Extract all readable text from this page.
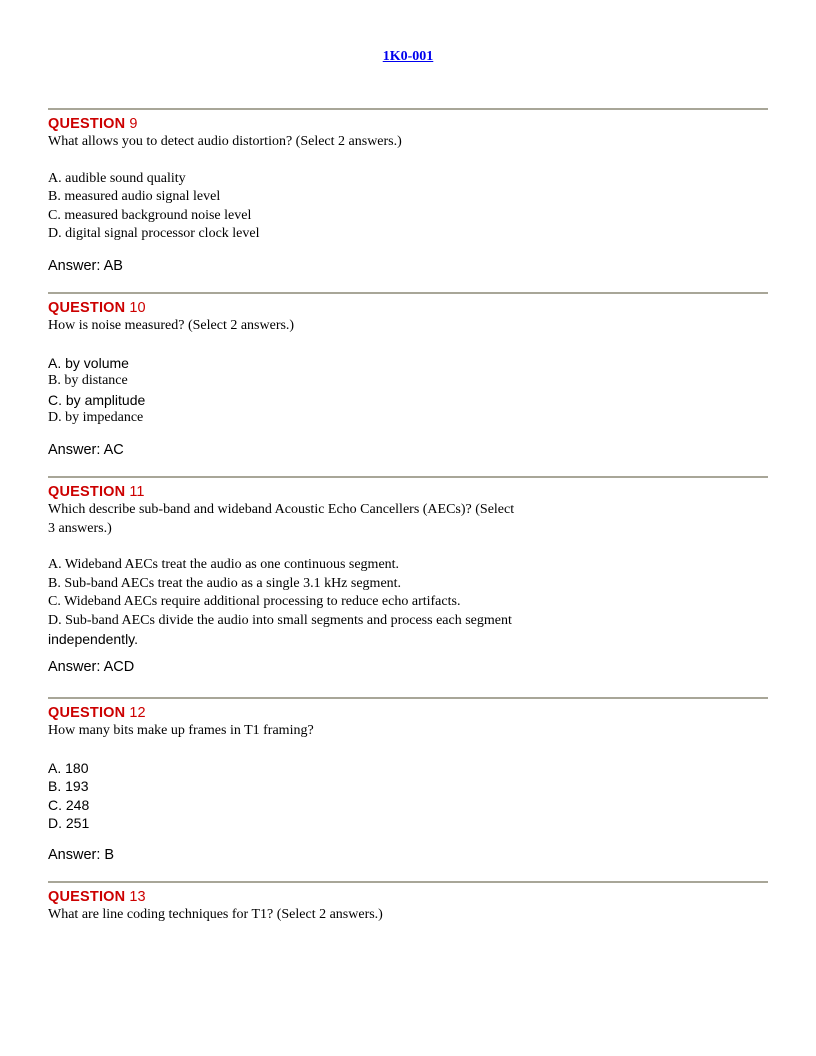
1K0-001
QUESTION 9
What allows you to detect audio distortion? (Select 2 answers.)
A. audible sound quality
B. measured audio signal level
C. measured background noise level
D. digital signal processor clock level
Answer: AB
QUESTION 10
How is noise measured? (Select 2 answers.)
A. by volume
B. by distance
C. by amplitude
D. by impedance
Answer: AC
QUESTION 11
Which describe sub-band and wideband Acoustic Echo Cancellers (AECs)? (Select
3 answers.)
A. Wideband AECs treat the audio as one continuous segment.
B. Sub-band AECs treat the audio as a single 3.1 kHz segment.
C. Wideband AECs require additional processing to reduce echo artifacts.
D. Sub-band AECs divide the audio into small segments and process each segment
independently.
Answer: ACD
QUESTION 12
How many bits make up frames in T1 framing?
A. 180
B. 193
C. 248
D. 251
Answer: B
QUESTION 13
What are line coding techniques for T1? (Select 2 answers.)
